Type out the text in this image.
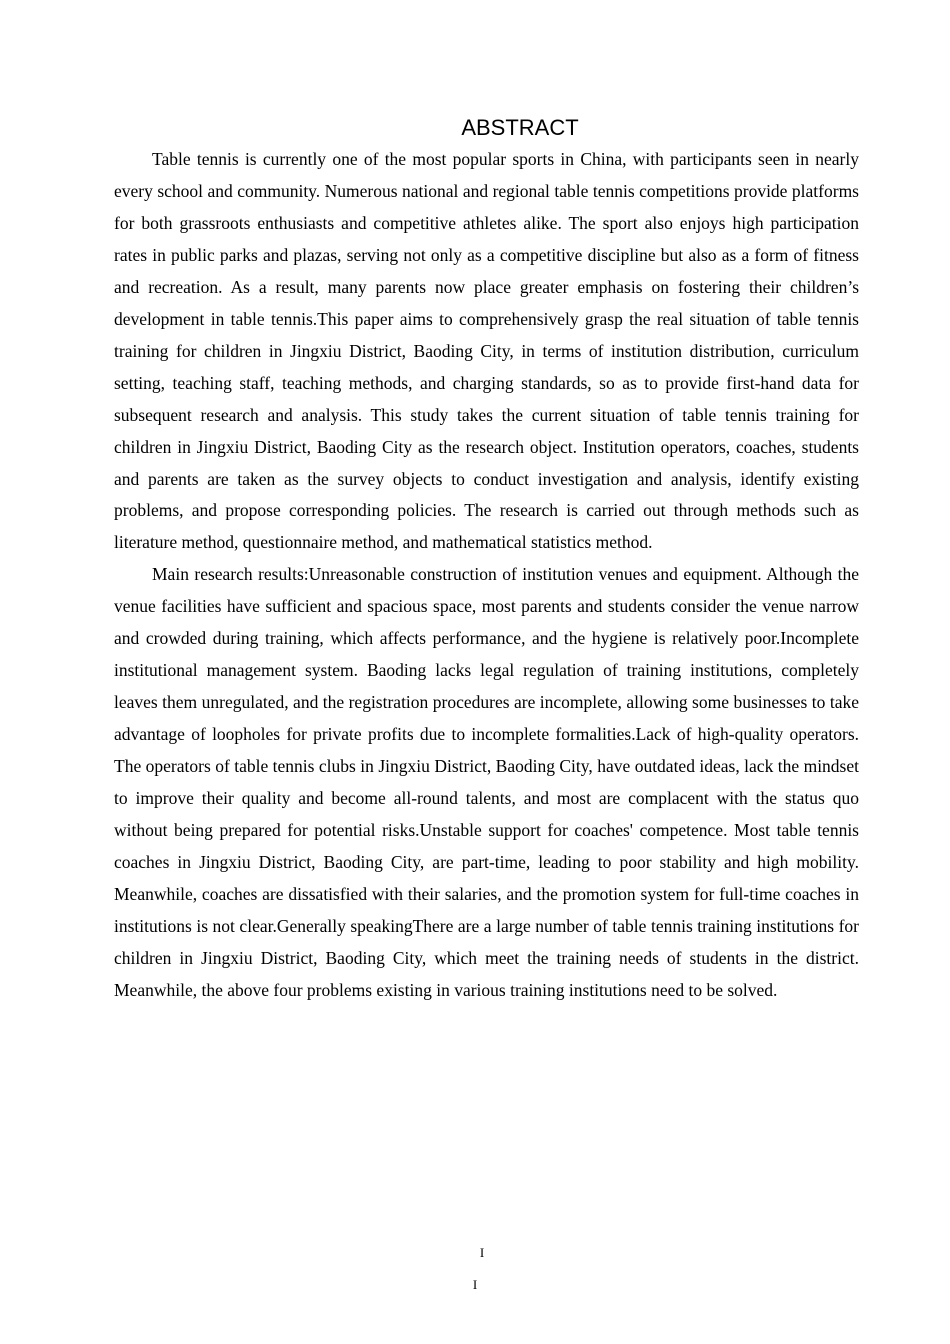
ABSTRACT

Table tennis is currently one of the most popular sports in China, with participants seen in nearly every school and community. Numerous national and regional table tennis competitions provide platforms for both grassroots enthusiasts and competitive athletes alike. The sport also enjoys high participation rates in public parks and plazas, serving not only as a competitive discipline but also as a form of fitness and recreation. As a result, many parents now place greater emphasis on fostering their children’s development in table tennis.This paper aims to comprehensively grasp the real situation of table tennis training for children in Jingxiu District, Baoding City, in terms of institution distribution, curriculum setting, teaching staff, teaching methods, and charging standards, so as to provide first-hand data for subsequent research and analysis. This study takes the current situation of table tennis training for children in Jingxiu District, Baoding City as the research object. Institution operators, coaches, students and parents are taken as the survey objects to conduct investigation and analysis, identify existing problems, and propose corresponding policies. The research is carried out through methods such as literature method, questionnaire method, and mathematical statistics method.

Main research results:Unreasonable construction of institution venues and equipment. Although the venue facilities have sufficient and spacious space, most parents and students consider the venue narrow and crowded during training, which affects performance, and the hygiene is relatively poor.Incomplete institutional management system. Baoding lacks legal regulation of training institutions, completely leaves them unregulated, and the registration procedures are incomplete, allowing some businesses to take advantage of loopholes for private profits due to incomplete formalities.Lack of high-quality operators. The operators of table tennis clubs in Jingxiu District, Baoding City, have outdated ideas, lack the mindset to improve their quality and become all-round talents, and most are complacent with the status quo without being prepared for potential risks.Unstable support for coaches' competence. Most table tennis coaches in Jingxiu District, Baoding City, are part-time, leading to poor stability and high mobility. Meanwhile, coaches are dissatisfied with their salaries, and the promotion system for full-time coaches in institutions is not clear.Generally speakingThere are a large number of table tennis training institutions for children in Jingxiu District, Baoding City, which meet the training needs of students in the district. Meanwhile, the above four problems existing in various training institutions need to be solved.

I
I
